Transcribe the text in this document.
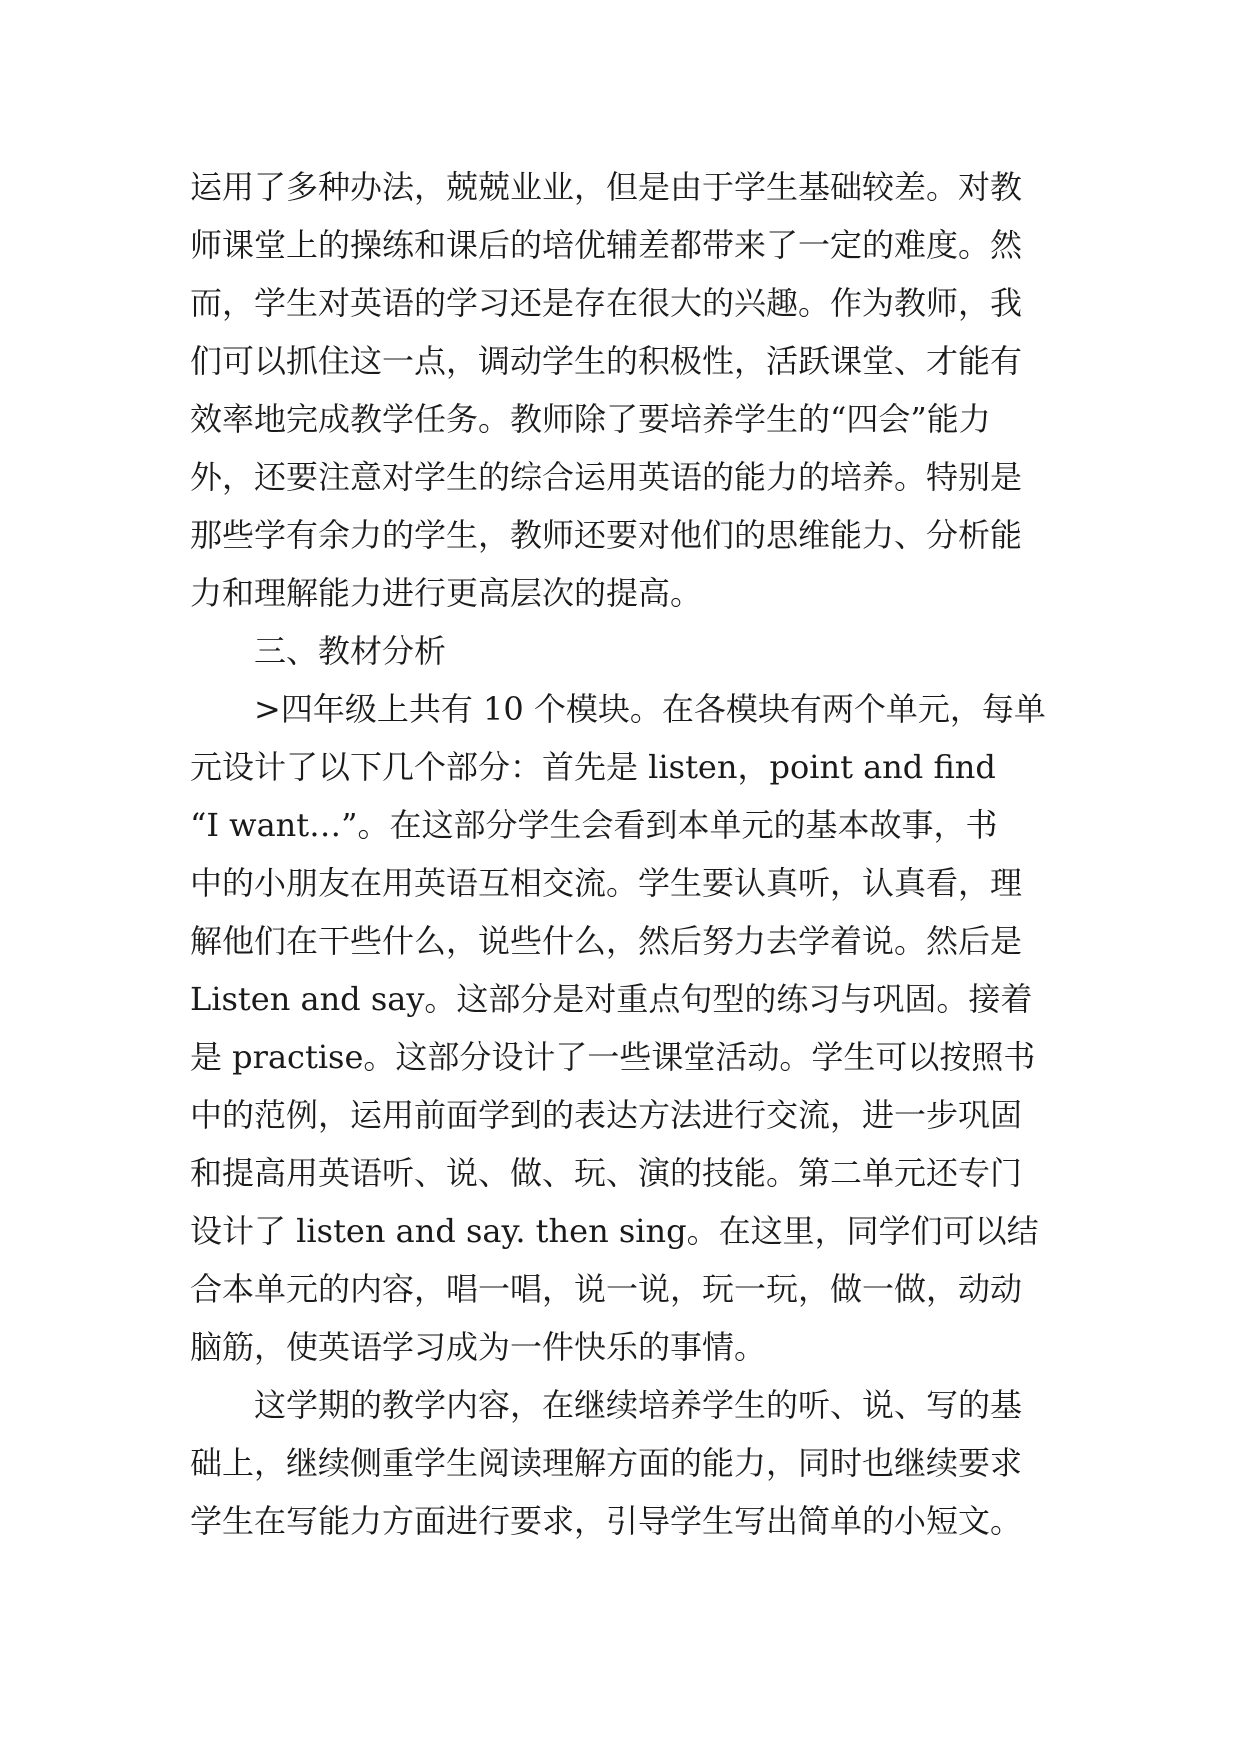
运用了多种办法，兢兢业业，但是由于学生基础较差。对教
师课堂上的操练和课后的培优辅差都带来了一定的难度。然
而，学生对英语的学习还是存在很大的兴趣。作为教师，我
们可以抓住这一点，调动学生的积极性，活跃课堂、才能有
效率地完成教学任务。教师除了要培养学生的“四会”能力
外，还要注意对学生的综合运用英语的能力的培养。特别是
那些学有余力的学生，教师还要对他们的思维能力、分析能
力和理解能力进行更高层次的提高。
三、教材分析
>四年级上共有 10 个模块。在各模块有两个单元，每单
元设计了以下几个部分：首先是 listen，point and find
“I want…”。在这部分学生会看到本单元的基本故事，书
中的小朋友在用英语互相交流。学生要认真听，认真看，理
解他们在干些什么，说些什么，然后努力去学着说。然后是
Listen and say。这部分是对重点句型的练习与巩固。接着
是 practise。这部分设计了一些课堂活动。学生可以按照书
中的范例，运用前面学到的表达方法进行交流，进一步巩固
和提高用英语听、说、做、玩、演的技能。第二单元还专门
设计了 listen and say. then sing。在这里，同学们可以结
合本单元的内容，唱一唱，说一说，玩一玩，做一做，动动
脑筋，使英语学习成为一件快乐的事情。
这学期的教学内容，在继续培养学生的听、说、写的基
础上，继续侧重学生阅读理解方面的能力，同时也继续要求
学生在写能力方面进行要求，引导学生写出简单的小短文。
